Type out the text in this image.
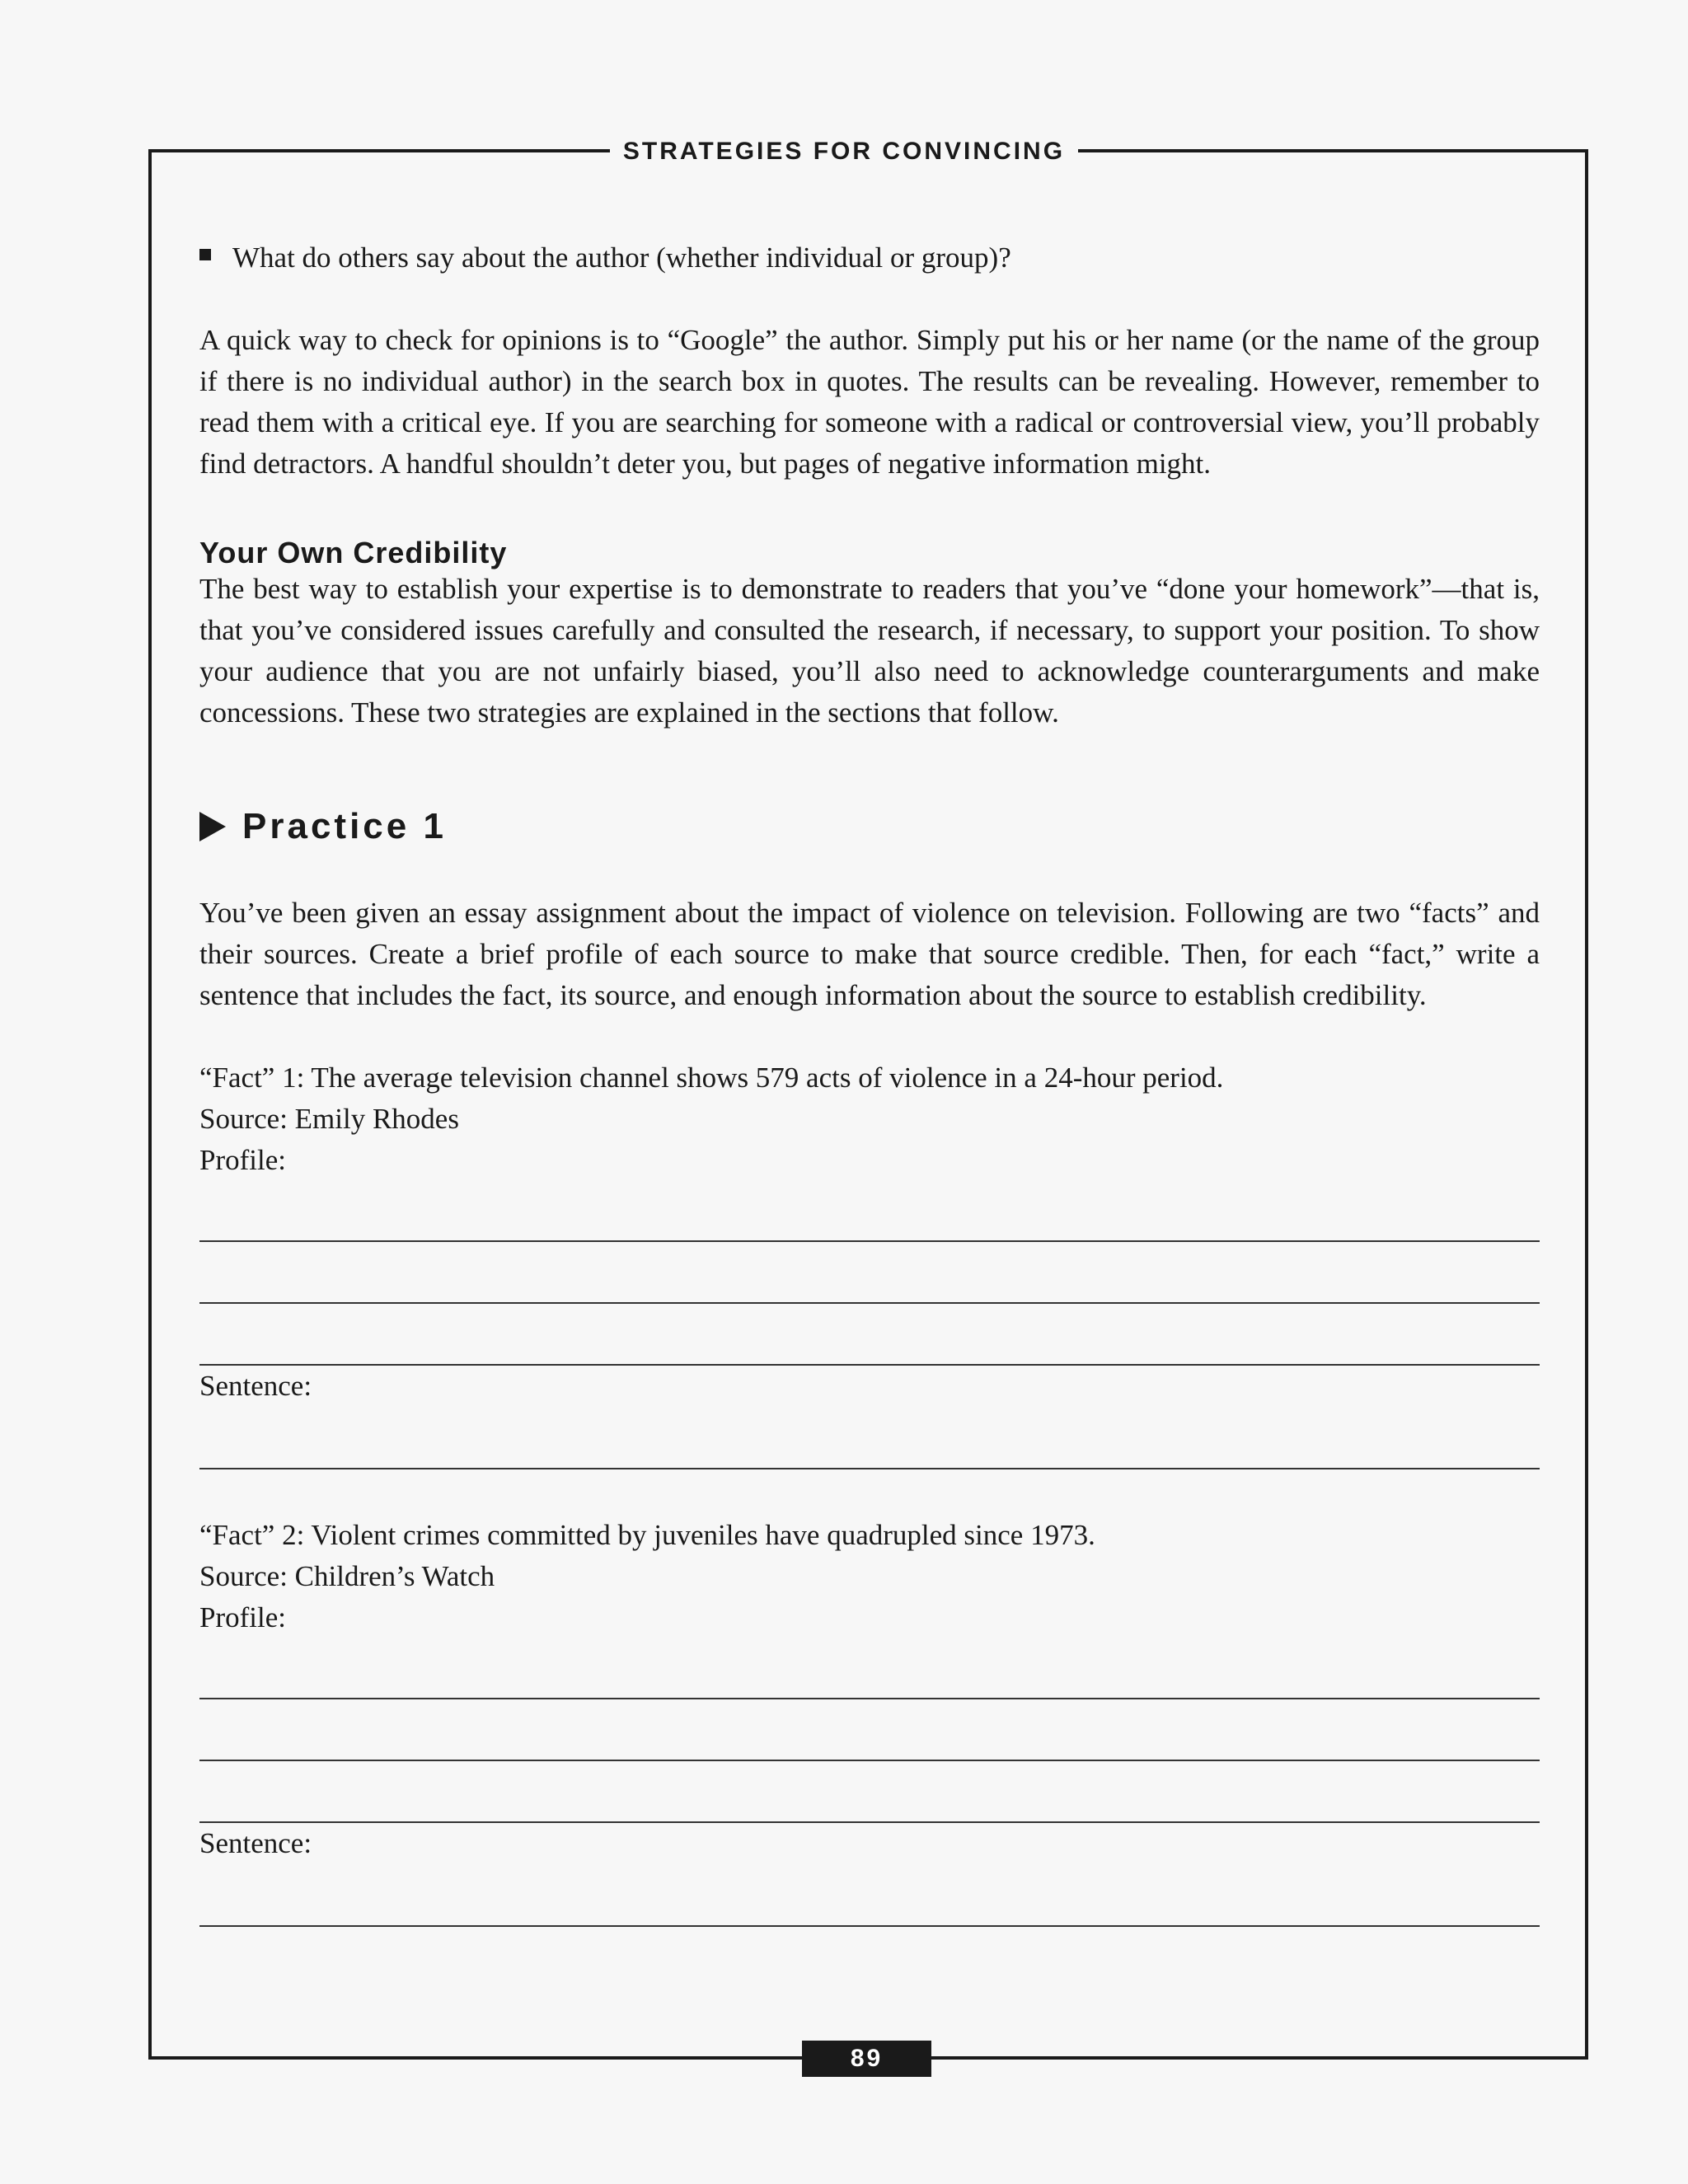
STRATEGIES FOR CONVINCING
What do others say about the author (whether individual or group)?

A quick way to check for opinions is to “Google” the author. Simply put his or her name (or the name of the group if there is no individual author) in the search box in quotes. The results can be revealing. However, remember to read them with a critical eye. If you are searching for someone with a radical or controversial view, you’ll probably find detractors. A handful shouldn’t deter you, but pages of negative information might.

Your Own Credibility

The best way to establish your expertise is to demonstrate to readers that you’ve “done your homework”—that is, that you’ve considered issues carefully and consulted the research, if necessary, to support your position. To show your audience that you are not unfairly biased, you’ll also need to acknowledge counterarguments and make concessions. These two strategies are explained in the sections that follow.

Practice 1

You’ve been given an essay assignment about the impact of violence on television. Following are two “facts” and their sources. Create a brief profile of each source to make that source credible. Then, for each “fact,” write a sentence that includes the fact, its source, and enough information about the source to establish credibility.

“Fact” 1: The average television channel shows 579 acts of violence in a 24-hour period.
Source: Emily Rhodes
Profile:
Sentence:
“Fact” 2: Violent crimes committed by juveniles have quadrupled since 1973.
Source: Children’s Watch
Profile:
Sentence:
89
